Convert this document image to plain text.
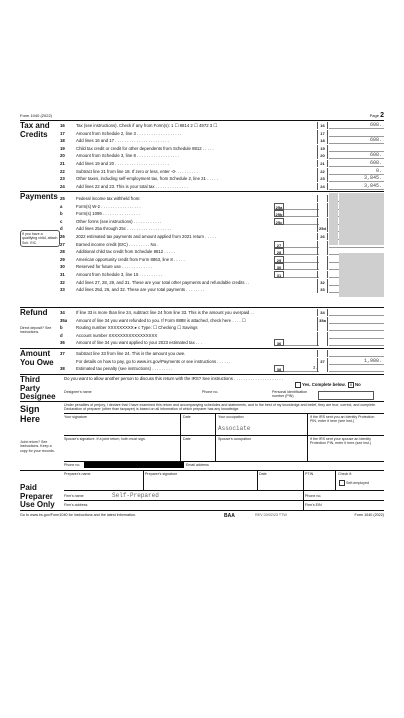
Form 1040 (2022)	Page 2
Tax and Credits
16	Tax (see instructions). Check if any from Form(s): 1 ☐ 8814 2 ☐ 4972 3 ☐	16	608.
17	Amount from Schedule 2, line 3 . . . . . . . . . . . . . . . . . . .	17
18	Add lines 16 and 17 . . . . . . . . . . . . . . . . . . . . . . .	18	608.
19	Child tax credit or credit for other dependents from Schedule 8812 . . . . .	19
20	Amount from Schedule 3, line 8 . . . . . . . . . . . . . . . . . .	20	608.
21	Add lines 19 and 20 . . . . . . . . . . . . . . . . . . . . . . .	21	608.
22	Subtract line 21 from line 18. If zero or less, enter -0- . . . . . . . . .	22	0.
23	Other taxes, including self-employment tax, from Schedule 2, line 21 . . . . .	23	3,845.
24	Add lines 22 and 23. This is your total tax . . . . . . . . . . . . . .	24	3,845.
Payments
If you have a qualifying child, attach Sch. EIC.
25	Federal income tax withheld from:
a	Form(s) W-2 . . . . . . . . . . . . . . . . .	25a
b	Form(s) 1099 . . . . . . . . . . . . . . . .	25b
c	Other forms (see instructions) . . . . . . . . . . . .	25c
d	Add lines 25a through 25c . . . . . . . . . . . . . . . . . . .	25d
26	2022 estimated tax payments and amount applied from 2021 return . . . . .	26
27	Earned income credit (EIC) . . . . . . . . . No .	27
28	Additional child tax credit from Schedule 8812 . . . . .	28
29	American opportunity credit from Form 8863, line 8 . . . . .	29
30	Reserved for future use . . . . . . . . . . . . .	30
31	Amount from Schedule 3, line 15 . . . . . . . . . .	31
32	Add lines 27, 28, 29, and 31. These are your total other payments and refundable credits . .	32
33	Add lines 25d, 26, and 32. These are your total payments . . . . . . . .	33
Refund
Direct deposit? See instructions.
34	If line 33 is more than line 24, subtract line 24 from line 33. This is the amount you overpaid . .	34
35a	Amount of line 34 you want refunded to you. If Form 8888 is attached, check here . . . . ☐	35a
b	Routing number XXXXXXXXX ▸ c Type: ☐ Checking ☐ Savings
d	Account number XXXXXXXXXXXXXXXXX
36	Amount of line 34 you want applied to your 2023 estimated tax . . .	36
Amount You Owe
37	Subtract line 33 from line 24. This is the amount you owe.
For details on how to pay, go to www.irs.gov/Payments or see instructions . . . . . .	37	1,980.
38	Estimated tax penalty (see instructions) . . . . . . . . .	38	3.
Third Party Designee
Do you want to allow another person to discuss this return with the IRS? See instructions . . . . . . . . . . . . . . . . . . . . .
Yes. Complete below. X No
Designee's name	Phone no.	Personal identification number (PIN)
Sign Here
Joint return? See instructions. Keep a copy for your records.
Under penalties of perjury, I declare that I have examined this return and accompanying schedules and statements, and to the best of my knowledge and belief, they are true, correct, and complete. Declaration of preparer (other than taxpayer) is based on all information of which preparer has any knowledge.
Your signature	Date	Your occupation
Associate
If the IRS sent you an Identity Protection PIN, enter it here (see inst.)
Spouse's signature. If a joint return, both must sign.	Date	Spouse's occupation	If the IRS sent your spouse an Identity Protection PIN, enter it here (see inst.)
Phone no.	Email address
Paid Preparer Use Only
Preparer's name	Preparer's signature	Date	PTIN	Check if:
Self-employed
Firm's name	Self-Prepared	Phone no.
Firm's address	Firm's EIN
Go to www.irs.gov/Form1040 for instructions and the latest information.	BAA	REV 03/02/23 TTW	Form 1040 (2022)
